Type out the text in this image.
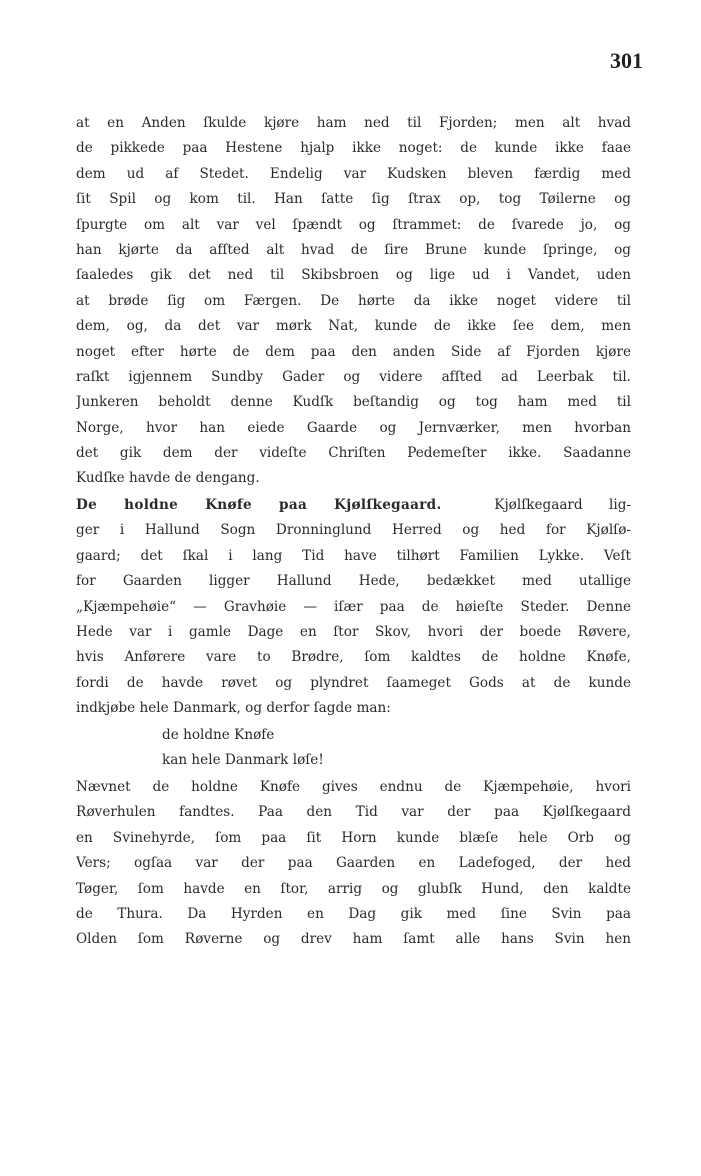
301
at en Anden ſkulde kjøre ham ned til Fjorden; men alt hvad
de pikkede paa Hestene hjalp ikke noget: de kunde ikke faae
dem ud af Stedet. Endelig var Kudsken bleven færdig med
ſit Spil og kom til. Han ſatte ſig ſtrax op, tog Tøilerne og
ſpurgte om alt var vel ſpændt og ſtrammet: de ſvarede jo, og
han kjørte da afſted alt hvad de ſire Brune kunde ſpringe, og
ſaaledes gik det ned til Skibsbroen og lige ud i Vandet, uden
at brøde ſig om Færgen. De hørte da ikke noget videre til
dem, og, da det var mørk Nat, kunde de ikke ſee dem, men
noget efter hørte de dem paa den anden Side af Fjorden kjøre
raſkt igjennem Sundby Gader og videre afſted ad Leerbak til.
Junkeren beholdt denne Kudſk beſtandig og tog ham med til
Norge, hvor han eiede Gaarde og Jernværker, men hvorban
det gik dem der videſte Chriſten Pedemeſter ikke. Saadanne
Kudſke havde de dengang.
De holdne Knøfe paa Kjølſkegaard.	Kjølſkegaard lig-
ger i Hallund Sogn Dronninglund Herred og hed for Kjølſø-
gaard; det ſkal i lang Tid have tilhørt Familien Lykke. Veſt
for Gaarden ligger Hallund Hede, bedækket med utallige
„Kjæmpehøie“ — Gravhøie — iſær paa de høieſte Steder. Denne
Hede var i gamle Dage en ſtor Skov, hvori der boede Røvere,
hvis Anførere vare to Brødre, ſom kaldtes de holdne Knøfe,
fordi de havde røvet og plyndret ſaameget Gods at de kunde
indkjøbe hele Danmark, og derfor ſagde man:
de holdne Knøfe
kan hele Danmark løſe!
Nævnet de holdne Knøfe gives endnu de Kjæmpehøie, hvori
Røverhulen fandtes. Paa den Tid var der paa Kjølſkegaard
en Svinehyrde, ſom paa ſit Horn kunde blæſe hele Orb og
Vers; ogſaa var der paa Gaarden en Ladefoged, der hed
Tøger, ſom havde en ſtor, arrig og glubſk Hund, den kaldte
de Thura. Da Hyrden en Dag gik med ſine Svin paa
Olden ſom Røverne og drev ham ſamt alle hans Svin hen
